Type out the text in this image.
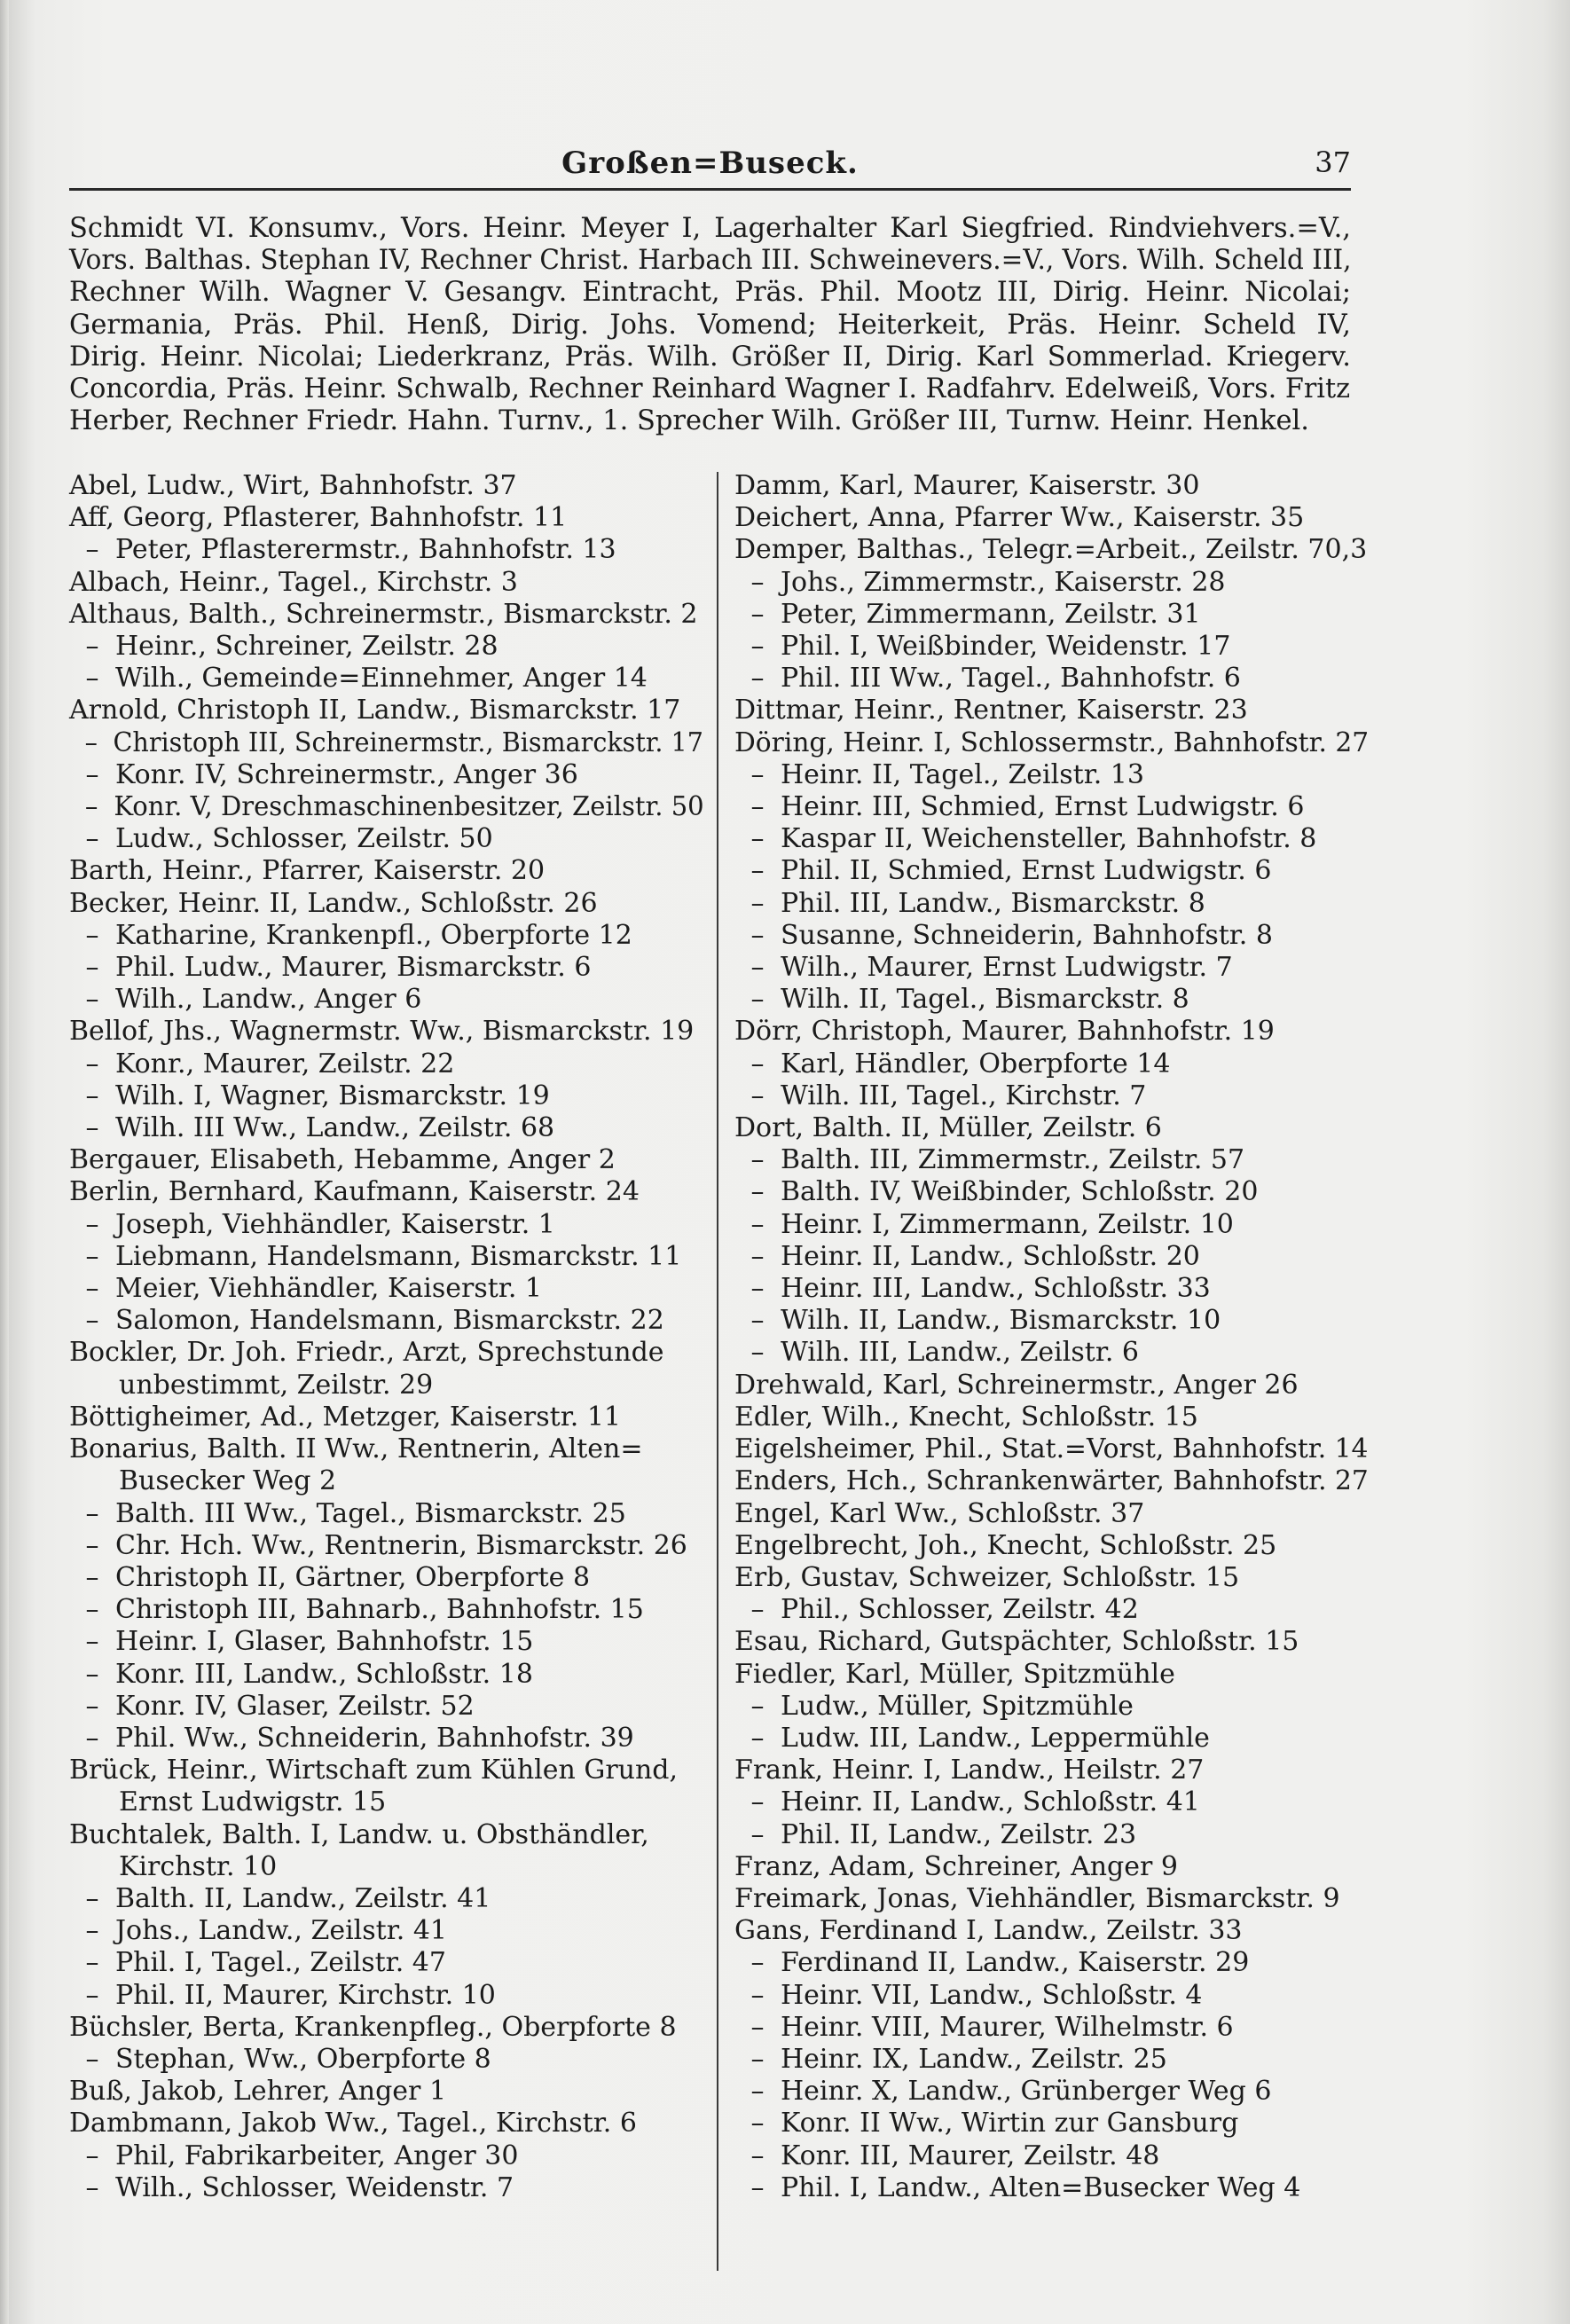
Großen=Buseck.	37
Schmidt VI. Konsumv., Vors. Heinr. Meyer I, Lagerhalter Karl Siegfried. Rindviehvers.=V.,
Vors. Balthas. Stephan IV, Rechner Christ. Harbach III. Schweinevers.=V., Vors. Wilh. Scheld III,
Rechner Wilh. Wagner V. Gesangv. Eintracht, Präs. Phil. Mootz III, Dirig. Heinr. Nicolai;
Germania, Präs. Phil. Henß, Dirig. Johs. Vomend; Heiterkeit, Präs. Heinr. Scheld IV,
Dirig. Heinr. Nicolai; Liederkranz, Präs. Wilh. Größer II, Dirig. Karl Sommerlad. Kriegerv.
Concordia, Präs. Heinr. Schwalb, Rechner Reinhard Wagner I. Radfahrv. Edelweiß, Vors. Fritz
Herber, Rechner Friedr. Hahn. Turnv., 1. Sprecher Wilh. Größer III, Turnw. Heinr. Henkel.
Abel, Ludw., Wirt, Bahnhofstr. 37
Aff, Georg, Pflasterer, Bahnhofstr. 11
– Peter, Pflasterermstr., Bahnhofstr. 13
Albach, Heinr., Tagel., Kirchstr. 3
Althaus, Balth., Schreinermstr., Bismarckstr. 2
– Heinr., Schreiner, Zeilstr. 28
– Wilh., Gemeinde=Einnehmer, Anger 14
Arnold, Christoph II, Landw., Bismarckstr. 17
– Christoph III, Schreinermstr., Bismarckstr. 17
– Konr. IV, Schreinermstr., Anger 36
– Konr. V, Dreschmaschinenbesitzer, Zeilstr. 50
– Ludw., Schlosser, Zeilstr. 50
Barth, Heinr., Pfarrer, Kaiserstr. 20
Becker, Heinr. II, Landw., Schloßstr. 26
– Katharine, Krankenpfl., Oberpforte 12
– Phil. Ludw., Maurer, Bismarckstr. 6
– Wilh., Landw., Anger 6
Bellof, Jhs., Wagnermstr. Ww., Bismarckstr. 19
– Konr., Maurer, Zeilstr. 22
– Wilh. I, Wagner, Bismarckstr. 19
– Wilh. III Ww., Landw., Zeilstr. 68
Bergauer, Elisabeth, Hebamme, Anger 2
Berlin, Bernhard, Kaufmann, Kaiserstr. 24
– Joseph, Viehhändler, Kaiserstr. 1
– Liebmann, Handelsmann, Bismarckstr. 11
– Meier, Viehhändler, Kaiserstr. 1
– Salomon, Handelsmann, Bismarckstr. 22
Bockler, Dr. Joh. Friedr., Arzt, Sprechstunde
unbestimmt, Zeilstr. 29
Böttigheimer, Ad., Metzger, Kaiserstr. 11
Bonarius, Balth. II Ww., Rentnerin, Alten=
Busecker Weg 2
– Balth. III Ww., Tagel., Bismarckstr. 25
– Chr. Hch. Ww., Rentnerin, Bismarckstr. 26
– Christoph II, Gärtner, Oberpforte 8
– Christoph III, Bahnarb., Bahnhofstr. 15
– Heinr. I, Glaser, Bahnhofstr. 15
– Konr. III, Landw., Schloßstr. 18
– Konr. IV, Glaser, Zeilstr. 52
– Phil. Ww., Schneiderin, Bahnhofstr. 39
Brück, Heinr., Wirtschaft zum Kühlen Grund,
Ernst Ludwigstr. 15
Buchtalek, Balth. I, Landw. u. Obsthändler,
Kirchstr. 10
– Balth. II, Landw., Zeilstr. 41
– Johs., Landw., Zeilstr. 41
– Phil. I, Tagel., Zeilstr. 47
– Phil. II, Maurer, Kirchstr. 10
Büchsler, Berta, Krankenpfleg., Oberpforte 8
– Stephan, Ww., Oberpforte 8
Buß, Jakob, Lehrer, Anger 1
Dambmann, Jakob Ww., Tagel., Kirchstr. 6
– Phil, Fabrikarbeiter, Anger 30
– Wilh., Schlosser, Weidenstr. 7
Damm, Karl, Maurer, Kaiserstr. 30
Deichert, Anna, Pfarrer Ww., Kaiserstr. 35
Demper, Balthas., Telegr.=Arbeit., Zeilstr. 70,3
– Johs., Zimmermstr., Kaiserstr. 28
– Peter, Zimmermann, Zeilstr. 31
– Phil. I, Weißbinder, Weidenstr. 17
– Phil. III Ww., Tagel., Bahnhofstr. 6
Dittmar, Heinr., Rentner, Kaiserstr. 23
Döring, Heinr. I, Schlossermstr., Bahnhofstr. 27
– Heinr. II, Tagel., Zeilstr. 13
– Heinr. III, Schmied, Ernst Ludwigstr. 6
– Kaspar II, Weichensteller, Bahnhofstr. 8
– Phil. II, Schmied, Ernst Ludwigstr. 6
– Phil. III, Landw., Bismarckstr. 8
– Susanne, Schneiderin, Bahnhofstr. 8
– Wilh., Maurer, Ernst Ludwigstr. 7
– Wilh. II, Tagel., Bismarckstr. 8
Dörr, Christoph, Maurer, Bahnhofstr. 19
– Karl, Händler, Oberpforte 14
– Wilh. III, Tagel., Kirchstr. 7
Dort, Balth. II, Müller, Zeilstr. 6
– Balth. III, Zimmermstr., Zeilstr. 57
– Balth. IV, Weißbinder, Schloßstr. 20
– Heinr. I, Zimmermann, Zeilstr. 10
– Heinr. II, Landw., Schloßstr. 20
– Heinr. III, Landw., Schloßstr. 33
– Wilh. II, Landw., Bismarckstr. 10
– Wilh. III, Landw., Zeilstr. 6
Drehwald, Karl, Schreinermstr., Anger 26
Edler, Wilh., Knecht, Schloßstr. 15
Eigelsheimer, Phil., Stat.=Vorst, Bahnhofstr. 14
Enders, Hch., Schrankenwärter, Bahnhofstr. 27
Engel, Karl Ww., Schloßstr. 37
Engelbrecht, Joh., Knecht, Schloßstr. 25
Erb, Gustav, Schweizer, Schloßstr. 15
– Phil., Schlosser, Zeilstr. 42
Esau, Richard, Gutspächter, Schloßstr. 15
Fiedler, Karl, Müller, Spitzmühle
– Ludw., Müller, Spitzmühle
– Ludw. III, Landw., Leppermühle
Frank, Heinr. I, Landw., Heilstr. 27
– Heinr. II, Landw., Schloßstr. 41
– Phil. II, Landw., Zeilstr. 23
Franz, Adam, Schreiner, Anger 9
Freimark, Jonas, Viehhändler, Bismarckstr. 9
Gans, Ferdinand I, Landw., Zeilstr. 33
– Ferdinand II, Landw., Kaiserstr. 29
– Heinr. VII, Landw., Schloßstr. 4
– Heinr. VIII, Maurer, Wilhelmstr. 6
– Heinr. IX, Landw., Zeilstr. 25
– Heinr. X, Landw., Grünberger Weg 6
– Konr. II Ww., Wirtin zur Gansburg
– Konr. III, Maurer, Zeilstr. 48
– Phil. I, Landw., Alten=Busecker Weg 4
